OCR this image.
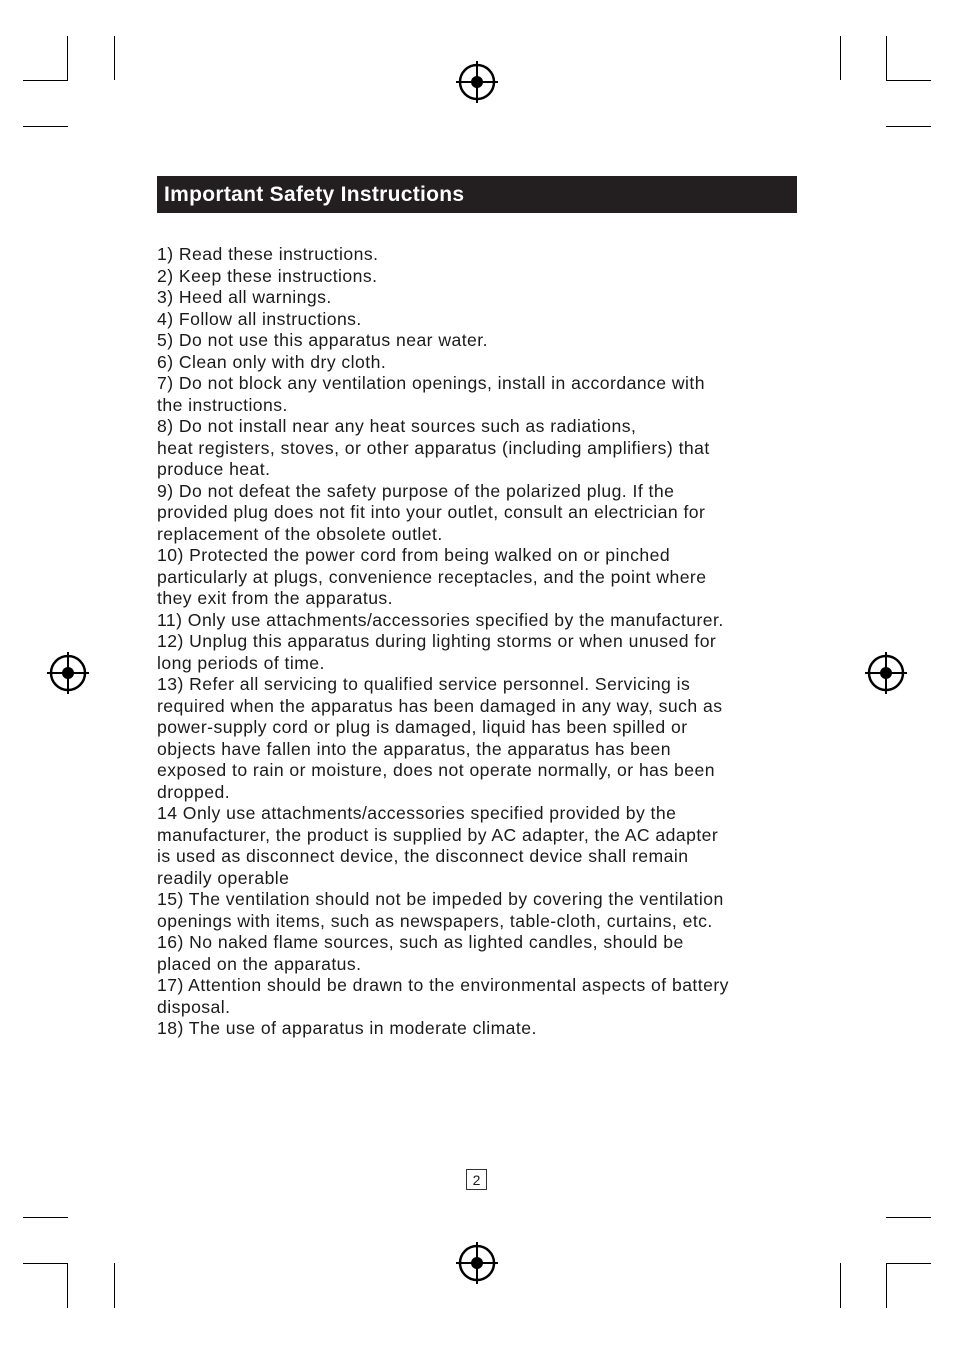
Important Safety Instructions
1) Read these instructions.
2) Keep these instructions.
3) Heed all warnings.
4) Follow all instructions.
5) Do not use this apparatus near water.
6) Clean only with dry cloth.
7) Do not block any ventilation openings, install in accordance with
the instructions.
8) Do not install near any heat sources such as radiations,
heat registers, stoves, or other apparatus (including amplifiers) that
produce heat.
9) Do not defeat the safety purpose of the polarized plug. If the
provided plug does not fit into your outlet, consult an electrician for
replacement of the obsolete outlet.
10) Protected the power cord from being walked on or pinched
particularly at plugs, convenience receptacles, and the point where
they exit from the apparatus.
11) Only use attachments/accessories specified by the manufacturer.
12) Unplug this apparatus during lighting storms or when unused for
long periods of time.
13) Refer all servicing to qualified service personnel. Servicing is
required when the apparatus has been damaged in any way, such as
power-supply cord or plug is damaged, liquid has been spilled or
objects have fallen into the apparatus, the apparatus has been
exposed to rain or moisture, does not operate normally, or has been
dropped.
14 Only use attachments/accessories specified provided by the
manufacturer, the product is supplied by AC adapter, the AC adapter
is used as disconnect device, the disconnect device shall remain
readily operable
15) The ventilation should not be impeded by covering the ventilation
openings with items, such as newspapers, table-cloth, curtains, etc.
16) No naked flame sources, such as lighted candles, should be
placed on the apparatus.
17) Attention should be drawn to the environmental aspects of battery
disposal.
18) The use of apparatus in moderate climate.
2
